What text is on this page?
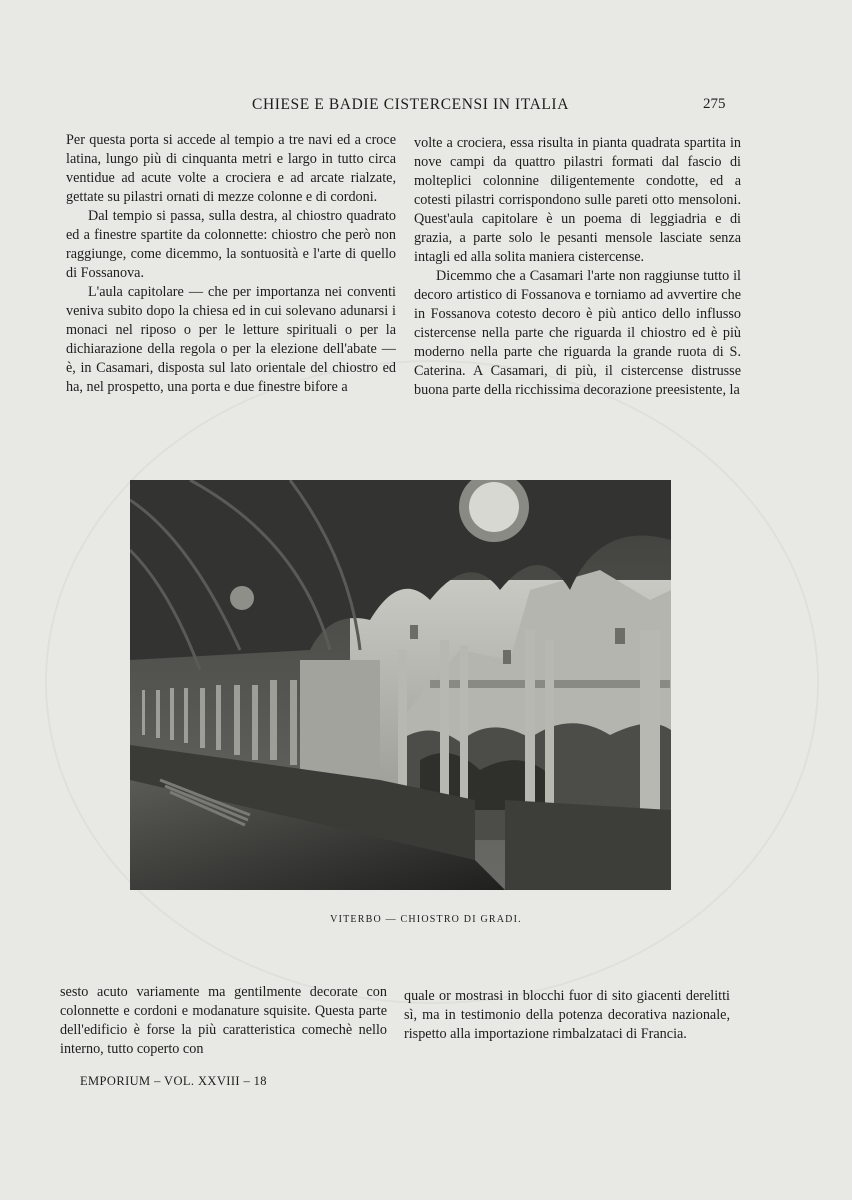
CHIESE E BADIE CISTERCENSI IN ITALIA	275

Per questa porta si accede al tempio a tre navi ed a croce latina, lungo più di cinquanta metri e largo in tutto circa ventidue ad acute volte a crociera e ad arcate rialzate, gettate su pilastri ornati di mezze colonne e di cordoni.

Dal tempio si passa, sulla destra, al chiostro quadrato ed a finestre spartite da colonnette: chiostro che però non raggiunge, come dicemmo, la sontuosità e l'arte di quello di Fossanova.

L'aula capitolare — che per importanza nei conventi veniva subito dopo la chiesa ed in cui solevano adunarsi i monaci nel riposo o per le letture spirituali o per la dichiarazione della regola o per la elezione dell'abate — è, in Casamari, disposta sul lato orientale del chiostro ed ha, nel prospetto, una porta e due finestre bifore a

volte a crociera, essa risulta in pianta quadrata spartita in nove campi da quattro pilastri formati dal fascio di molteplici colonnine diligentemente condotte, ed a cotesti pilastri corrispondono sulle pareti otto mensoloni. Quest'aula capitolare è un poema di leggiadria e di grazia, a parte solo le pesanti mensole lasciate senza intagli ed alla solita maniera cistercense.

Dicemmo che a Casamari l'arte non raggiunse tutto il decoro artistico di Fossanova e torniamo ad avvertire che in Fossanova cotesto decoro è più antico dello influsso cistercense nella parte che riguarda il chiostro ed è più moderno nella parte che riguarda la grande ruota di S. Caterina. A Casamari, di più, il cistercense distrusse buona parte della ricchissima decorazione preesistente, la

VITERBO — CHIOSTRO DI GRADI.

sesto acuto variamente ma gentilmente decorate con colonnette e cordoni e modanature squisite. Questa parte dell'edificio è forse la più caratteristica comechè nello interno, tutto coperto con

quale or mostrasi in blocchi fuor di sito giacenti derelitti sì, ma in testimonio della potenza decorativa nazionale, rispetto alla importazione rimbalzataci di Francia.

EMPORIUM – VOL. XXVIII – 18
